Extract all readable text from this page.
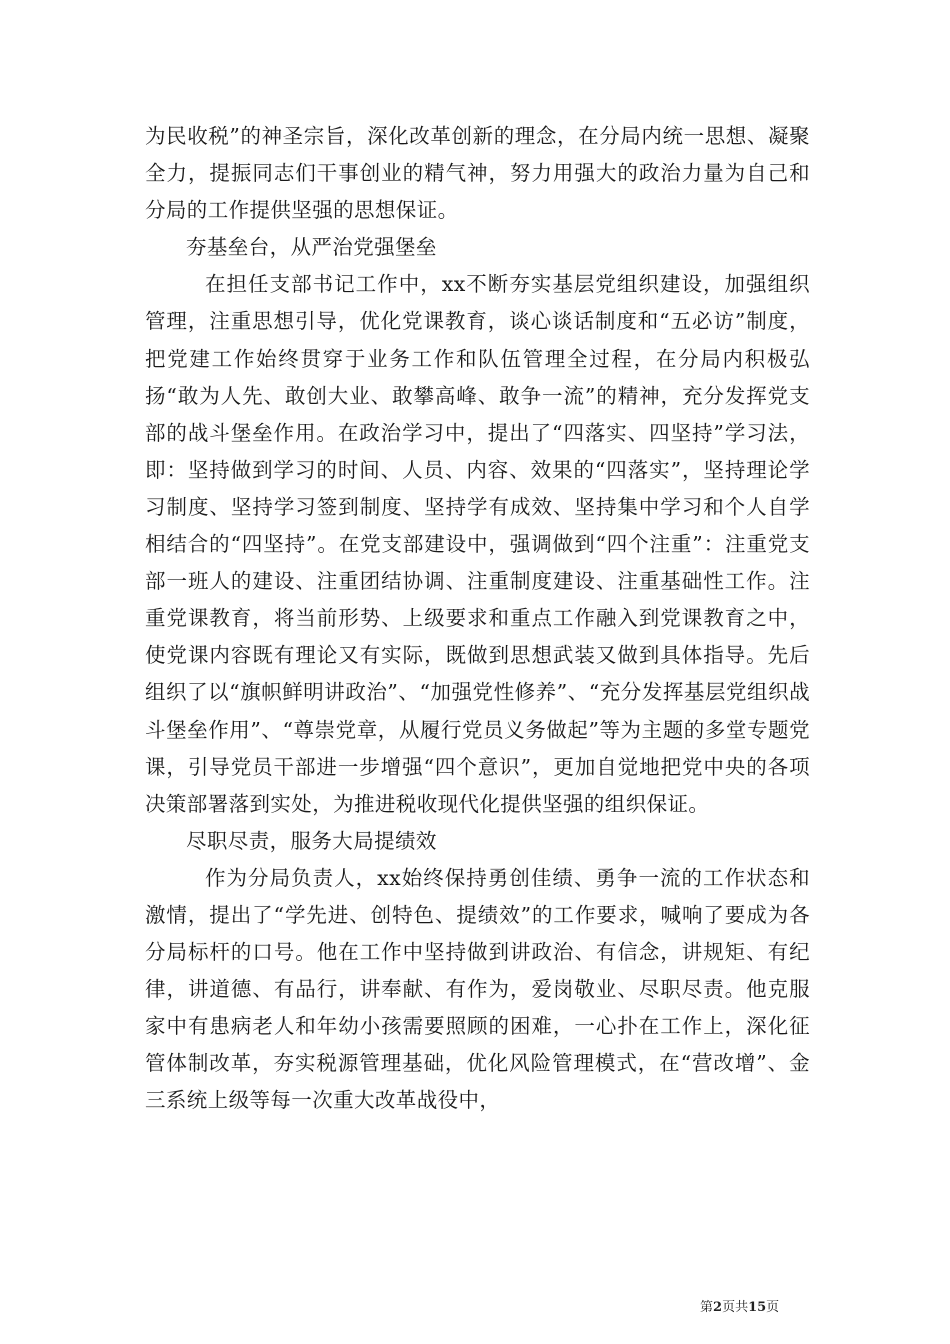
为民收税”的神圣宗旨，深化改革创新的理念，在分局内统一思想、凝聚全力，提振同志们干事创业的精气神，努力用强大的政治力量为自己和分局的工作提供坚强的思想保证。

夯基垒台，从严治党强堡垒

在担任支部书记工作中，xx不断夯实基层党组织建设，加强组织管理，注重思想引导，优化党课教育，谈心谈话制度和“五必访”制度，把党建工作始终贯穿于业务工作和队伍管理全过程，在分局内积极弘扬“敢为人先、敢创大业、敢攀高峰、敢争一流”的精神，充分发挥党支部的战斗堡垒作用。在政治学习中，提出了“四落实、四坚持”学习法，即：坚持做到学习的时间、人员、内容、效果的“四落实”，坚持理论学习制度、坚持学习签到制度、坚持学有成效、坚持集中学习和个人自学相结合的“四坚持”。在党支部建设中，强调做到“四个注重”：注重党支部一班人的建设、注重团结协调、注重制度建设、注重基础性工作。注重党课教育，将当前形势、上级要求和重点工作融入到党课教育之中，使党课内容既有理论又有实际，既做到思想武装又做到具体指导。先后组织了以“旗帜鲜明讲政治”、“加强党性修养”、“充分发挥基层党组织战斗堡垒作用”、“尊崇党章，从履行党员义务做起”等为主题的多堂专题党课，引导党员干部进一步增强“四个意识”，更加自觉地把党中央的各项决策部署落到实处，为推进税收现代化提供坚强的组织保证。

尽职尽责，服务大局提绩效

作为分局负责人，xx始终保持勇创佳绩、勇争一流的工作状态和激情，提出了“学先进、创特色、提绩效”的工作要求，喊响了要成为各分局标杆的口号。他在工作中坚持做到讲政治、有信念，讲规矩、有纪律，讲道德、有品行，讲奉献、有作为，爱岗敬业、尽职尽责。他克服家中有患病老人和年幼小孩需要照顾的困难，一心扑在工作上，深化征管体制改革，夯实税源管理基础，优化风险管理模式，在“营改增”、金三系统上级等每一次重大改革战役中，

第2页共15页
